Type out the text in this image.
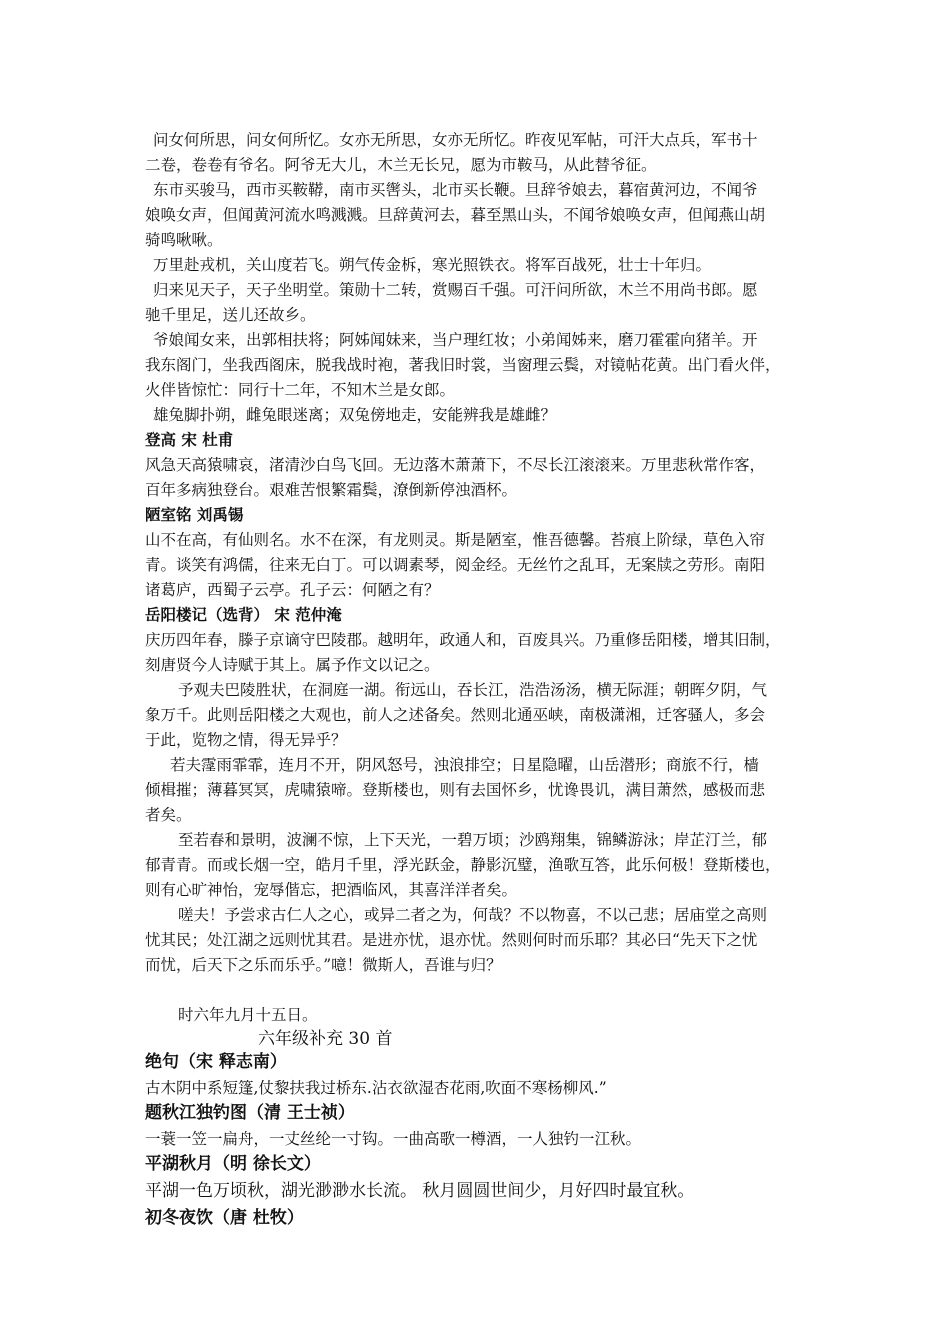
问女何所思，问女何所忆。女亦无所思，女亦无所忆。昨夜见军帖，可汗大点兵，军书十
二卷，卷卷有爷名。阿爷无大儿，木兰无长兄，愿为市鞍马，从此替爷征。
东市买骏马，西市买鞍鞯，南市买辔头，北市买长鞭。旦辞爷娘去，暮宿黄河边，不闻爷
娘唤女声，但闻黄河流水鸣溅溅。旦辞黄河去，暮至黑山头，不闻爷娘唤女声，但闻燕山胡
骑鸣啾啾。
万里赴戎机，关山度若飞。朔气传金柝，寒光照铁衣。将军百战死，壮士十年归。
归来见天子，天子坐明堂。策勋十二转，赏赐百千强。可汗问所欲，木兰不用尚书郎。愿
驰千里足，送儿还故乡。
爷娘闻女来，出郭相扶将；阿姊闻妹来，当户理红妆；小弟闻姊来，磨刀霍霍向猪羊。开
我东阁门，坐我西阁床，脱我战时袍，著我旧时裳，当窗理云鬓，对镜帖花黄。出门看火伴，
火伴皆惊忙：同行十二年，不知木兰是女郎。
雄兔脚扑朔，雌兔眼迷离；双兔傍地走，安能辨我是雄雌？
登高 宋 杜甫
风急天高猿啸哀，渚清沙白鸟飞回。无边落木萧萧下，不尽长江滚滚来。万里悲秋常作客，
百年多病独登台。艰难苦恨繁霜鬓，潦倒新停浊酒杯。
陋室铭 刘禹锡
山不在高，有仙则名。水不在深，有龙则灵。斯是陋室，惟吾德馨。苔痕上阶绿，草色入帘
青。谈笑有鸿儒，往来无白丁。可以调素琴，阅金经。无丝竹之乱耳，无案牍之劳形。南阳
诸葛庐，西蜀子云亭。孔子云：何陋之有？
岳阳楼记（选背） 宋 范仲淹
庆历四年春，滕子京谪守巴陵郡。越明年，政通人和，百废具兴。乃重修岳阳楼，增其旧制，
刻唐贤今人诗赋于其上。属予作文以记之。
予观夫巴陵胜状，在洞庭一湖。衔远山，吞长江，浩浩汤汤，横无际涯；朝晖夕阴，气
象万千。此则岳阳楼之大观也，前人之述备矣。然则北通巫峡，南极潇湘，迁客骚人，多会
于此，览物之情，得无异乎？
若夫霪雨霏霏，连月不开，阴风怒号，浊浪排空；日星隐曜，山岳潜形；商旅不行，樯
倾楫摧；薄暮冥冥，虎啸猿啼。登斯楼也，则有去国怀乡，忧谗畏讥，满目萧然，感极而悲
者矣。
至若春和景明，波澜不惊，上下天光，一碧万顷；沙鸥翔集，锦鳞游泳；岸芷汀兰，郁
郁青青。而或长烟一空，皓月千里，浮光跃金，静影沉璧，渔歌互答，此乐何极！登斯楼也，
则有心旷神怡，宠辱偕忘，把酒临风，其喜洋洋者矣。
嗟夫！予尝求古仁人之心，或异二者之为，何哉？不以物喜，不以己悲；居庙堂之高则
忧其民；处江湖之远则忧其君。是进亦忧，退亦忧。然则何时而乐耶？其必曰“先天下之忧
而忧，后天下之乐而乐乎。”噫！微斯人，吾谁与归？
时六年九月十五日。
六年级补充 30 首
绝句（宋 释志南）
古木阴中系短篷,仗黎扶我过桥东.沾衣欲湿杏花雨,吹面不寒杨柳风.”
题秋江独钓图（清 王士祯）
一蓑一笠一扁舟，一丈丝纶一寸钩。一曲高歌一樽酒，一人独钓一江秋。
平湖秋月（明 徐长文）
平湖一色万顷秋，湖光渺渺水长流。 秋月圆圆世间少，月好四时最宜秋。
初冬夜饮（唐 杜牧）
